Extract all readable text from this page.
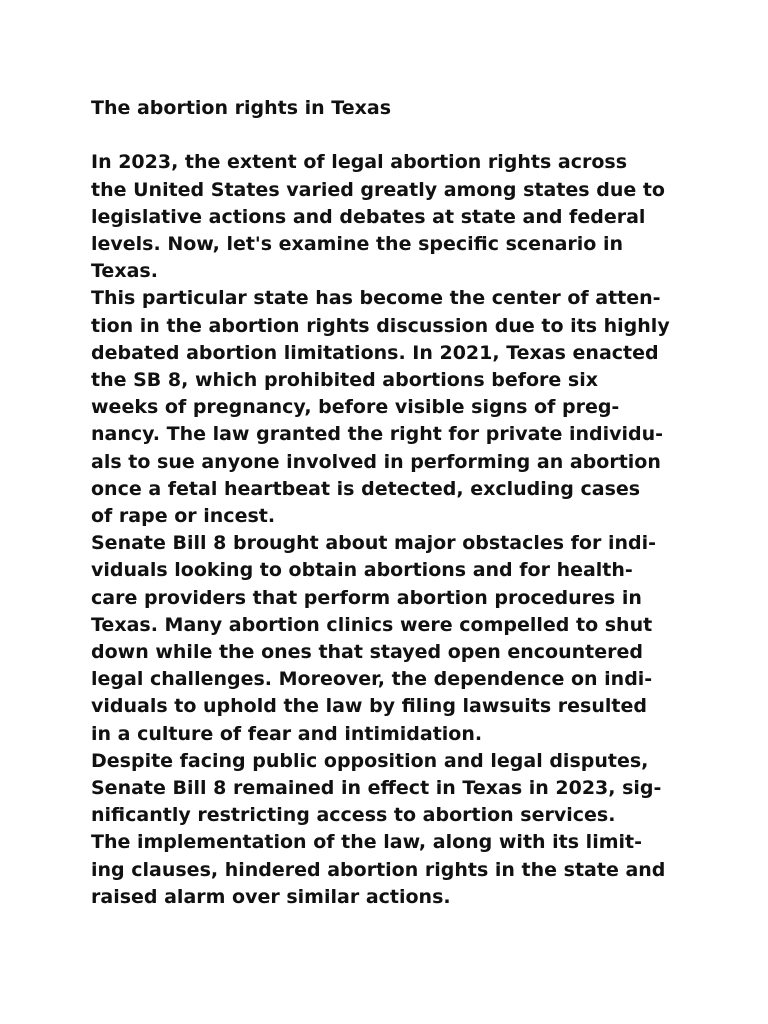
The abortion rights in Texas
In 2023, the extent of legal abortion rights across
the United States varied greatly among states due to
legislative actions and debates at state and federal
levels. Now, let's examine the specific scenario in
Texas.
This particular state has become the center of atten-
tion in the abortion rights discussion due to its highly
debated abortion limitations. In 2021, Texas enacted
the SB 8, which prohibited abortions before six
weeks of pregnancy, before visible signs of preg-
nancy. The law granted the right for private individu-
als to sue anyone involved in performing an abortion
once a fetal heartbeat is detected, excluding cases
of rape or incest.
Senate Bill 8 brought about major obstacles for indi-
viduals looking to obtain abortions and for health-
care providers that perform abortion procedures in
Texas. Many abortion clinics were compelled to shut
down while the ones that stayed open encountered
legal challenges. Moreover, the dependence on indi-
viduals to uphold the law by filing lawsuits resulted
in a culture of fear and intimidation.
Despite facing public opposition and legal disputes,
Senate Bill 8 remained in effect in Texas in 2023, sig-
nificantly restricting access to abortion services.
The implementation of the law, along with its limit-
ing clauses, hindered abortion rights in the state and
raised alarm over similar actions.
